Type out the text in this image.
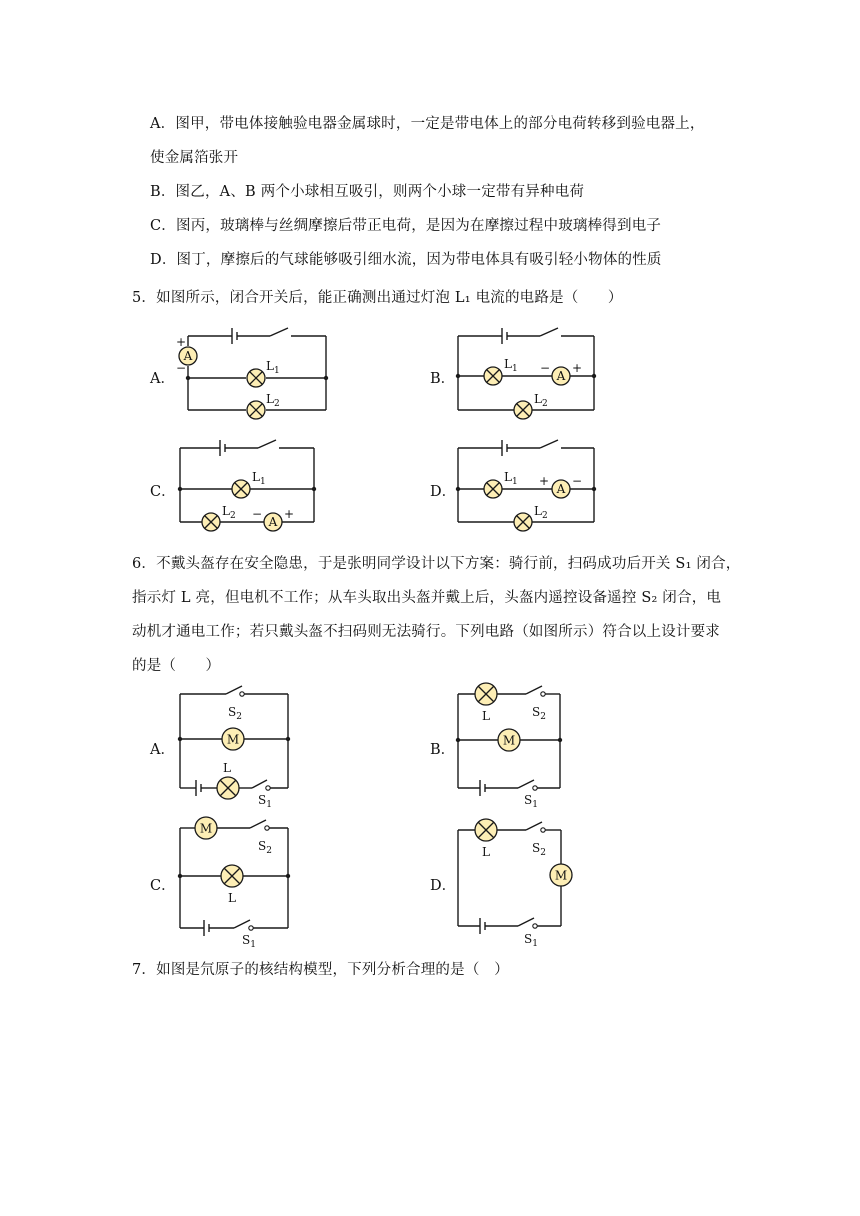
A．图甲，带电体接触验电器金属球时，一定是带电体上的部分电荷转移到验电器上，
使金属箔张开
B．图乙，A、B 两个小球相互吸引，则两个小球一定带有异种电荷
C．图丙，玻璃棒与丝绸摩擦后带正电荷，是因为在摩擦过程中玻璃棒得到电子
D．图丁，摩擦后的气球能够吸引细水流，因为带电体具有吸引轻小物体的性质
5．如图所示，闭合开关后，能正确测出通过灯泡 L₁ 电流的电路是（　　）
A．	B．
C．	D．
A
+
−	$L_1$
$L_2$
$L_1$	A
− +
$L_2$
$L_1$
$L_2$	A
− +
$L_1$	A
+ −
$L_2$
6．不戴头盔存在安全隐患，于是张明同学设计以下方案：骑行前，扫码成功后开关 S₁ 闭合，
指示灯 L 亮，但电机不工作；从车头取出头盔并戴上后，头盔内遥控设备遥控 S₂ 闭合，电
动机才通电工作；若只戴头盔不扫码则无法骑行。下列电路（如图所示）符合以上设计要求
的是（　　）
A．	B．
C．	D．
$S_2$
M
L
$S_1$
L	$S_2$
M
$S_1$
M
$S_2$
L
$S_1$
L	$S_2$
M
$S_1$
7．如图是氘原子的核结构模型，下列分析合理的是（　）
